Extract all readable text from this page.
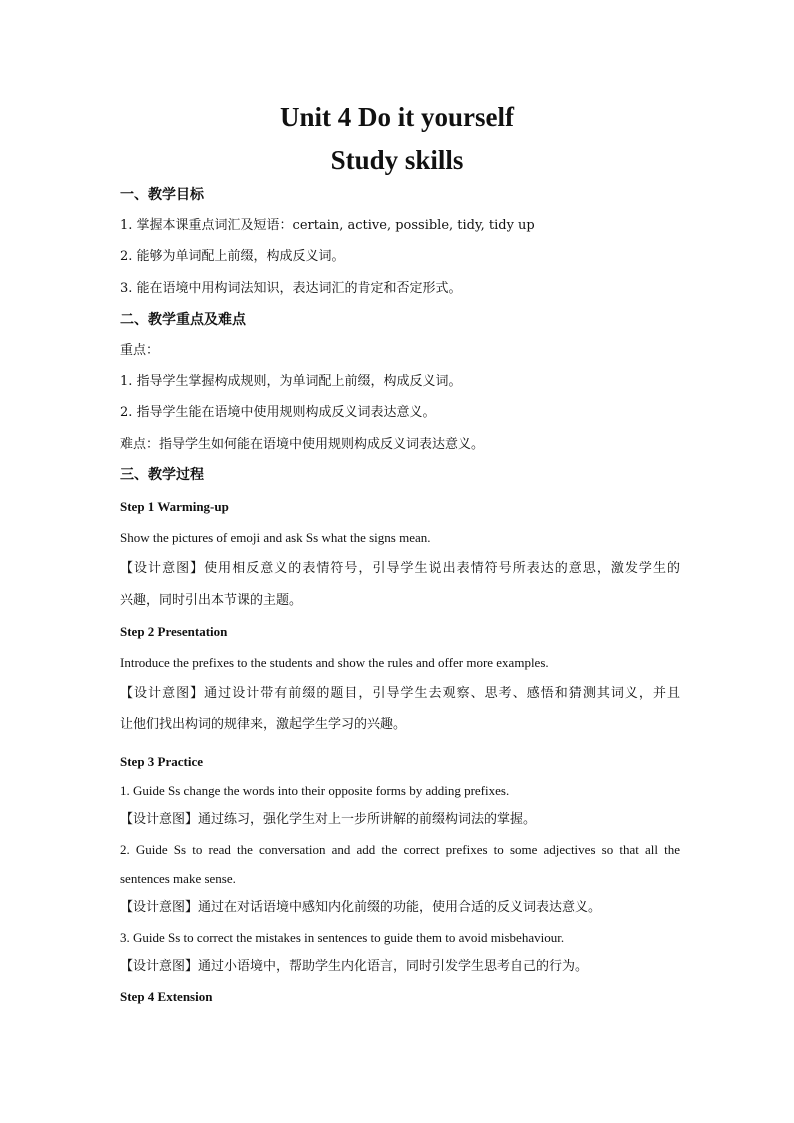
Unit 4 Do it yourself
Study skills
一、教学目标
1. 掌握本课重点词汇及短语：certain, active, possible, tidy, tidy up
2. 能够为单词配上前缀，构成反义词。
3. 能在语境中用构词法知识，表达词汇的肯定和否定形式。
二、教学重点及难点
重点：
1. 指导学生掌握构成规则，为单词配上前缀，构成反义词。
2. 指导学生能在语境中使用规则构成反义词表达意义。
难点：指导学生如何能在语境中使用规则构成反义词表达意义。
三、教学过程
Step 1 Warming-up
Show the pictures of emoji and ask Ss what the signs mean.
【设计意图】使用相反意义的表情符号，引导学生说出表情符号所表达的意思，激发学生的
兴趣，同时引出本节课的主题。
Step 2 Presentation
Introduce the prefixes to the students and show the rules and offer more examples.
【设计意图】通过设计带有前缀的题目，引导学生去观察、思考、感悟和猜测其词义，并且
让他们找出构词的规律来，激起学生学习的兴趣。
Step 3 Practice
1. Guide Ss change the words into their opposite forms by adding prefixes.
【设计意图】通过练习，强化学生对上一步所讲解的前缀构词法的掌握。
2. Guide Ss to read the conversation and add the correct prefixes to some adjectives so that all the
sentences make sense.
【设计意图】通过在对话语境中感知内化前缀的功能，使用合适的反义词表达意义。
3. Guide Ss to correct the mistakes in sentences to guide them to avoid misbehaviour.
【设计意图】通过小语境中，帮助学生内化语言，同时引发学生思考自己的行为。
Step 4 Extension
